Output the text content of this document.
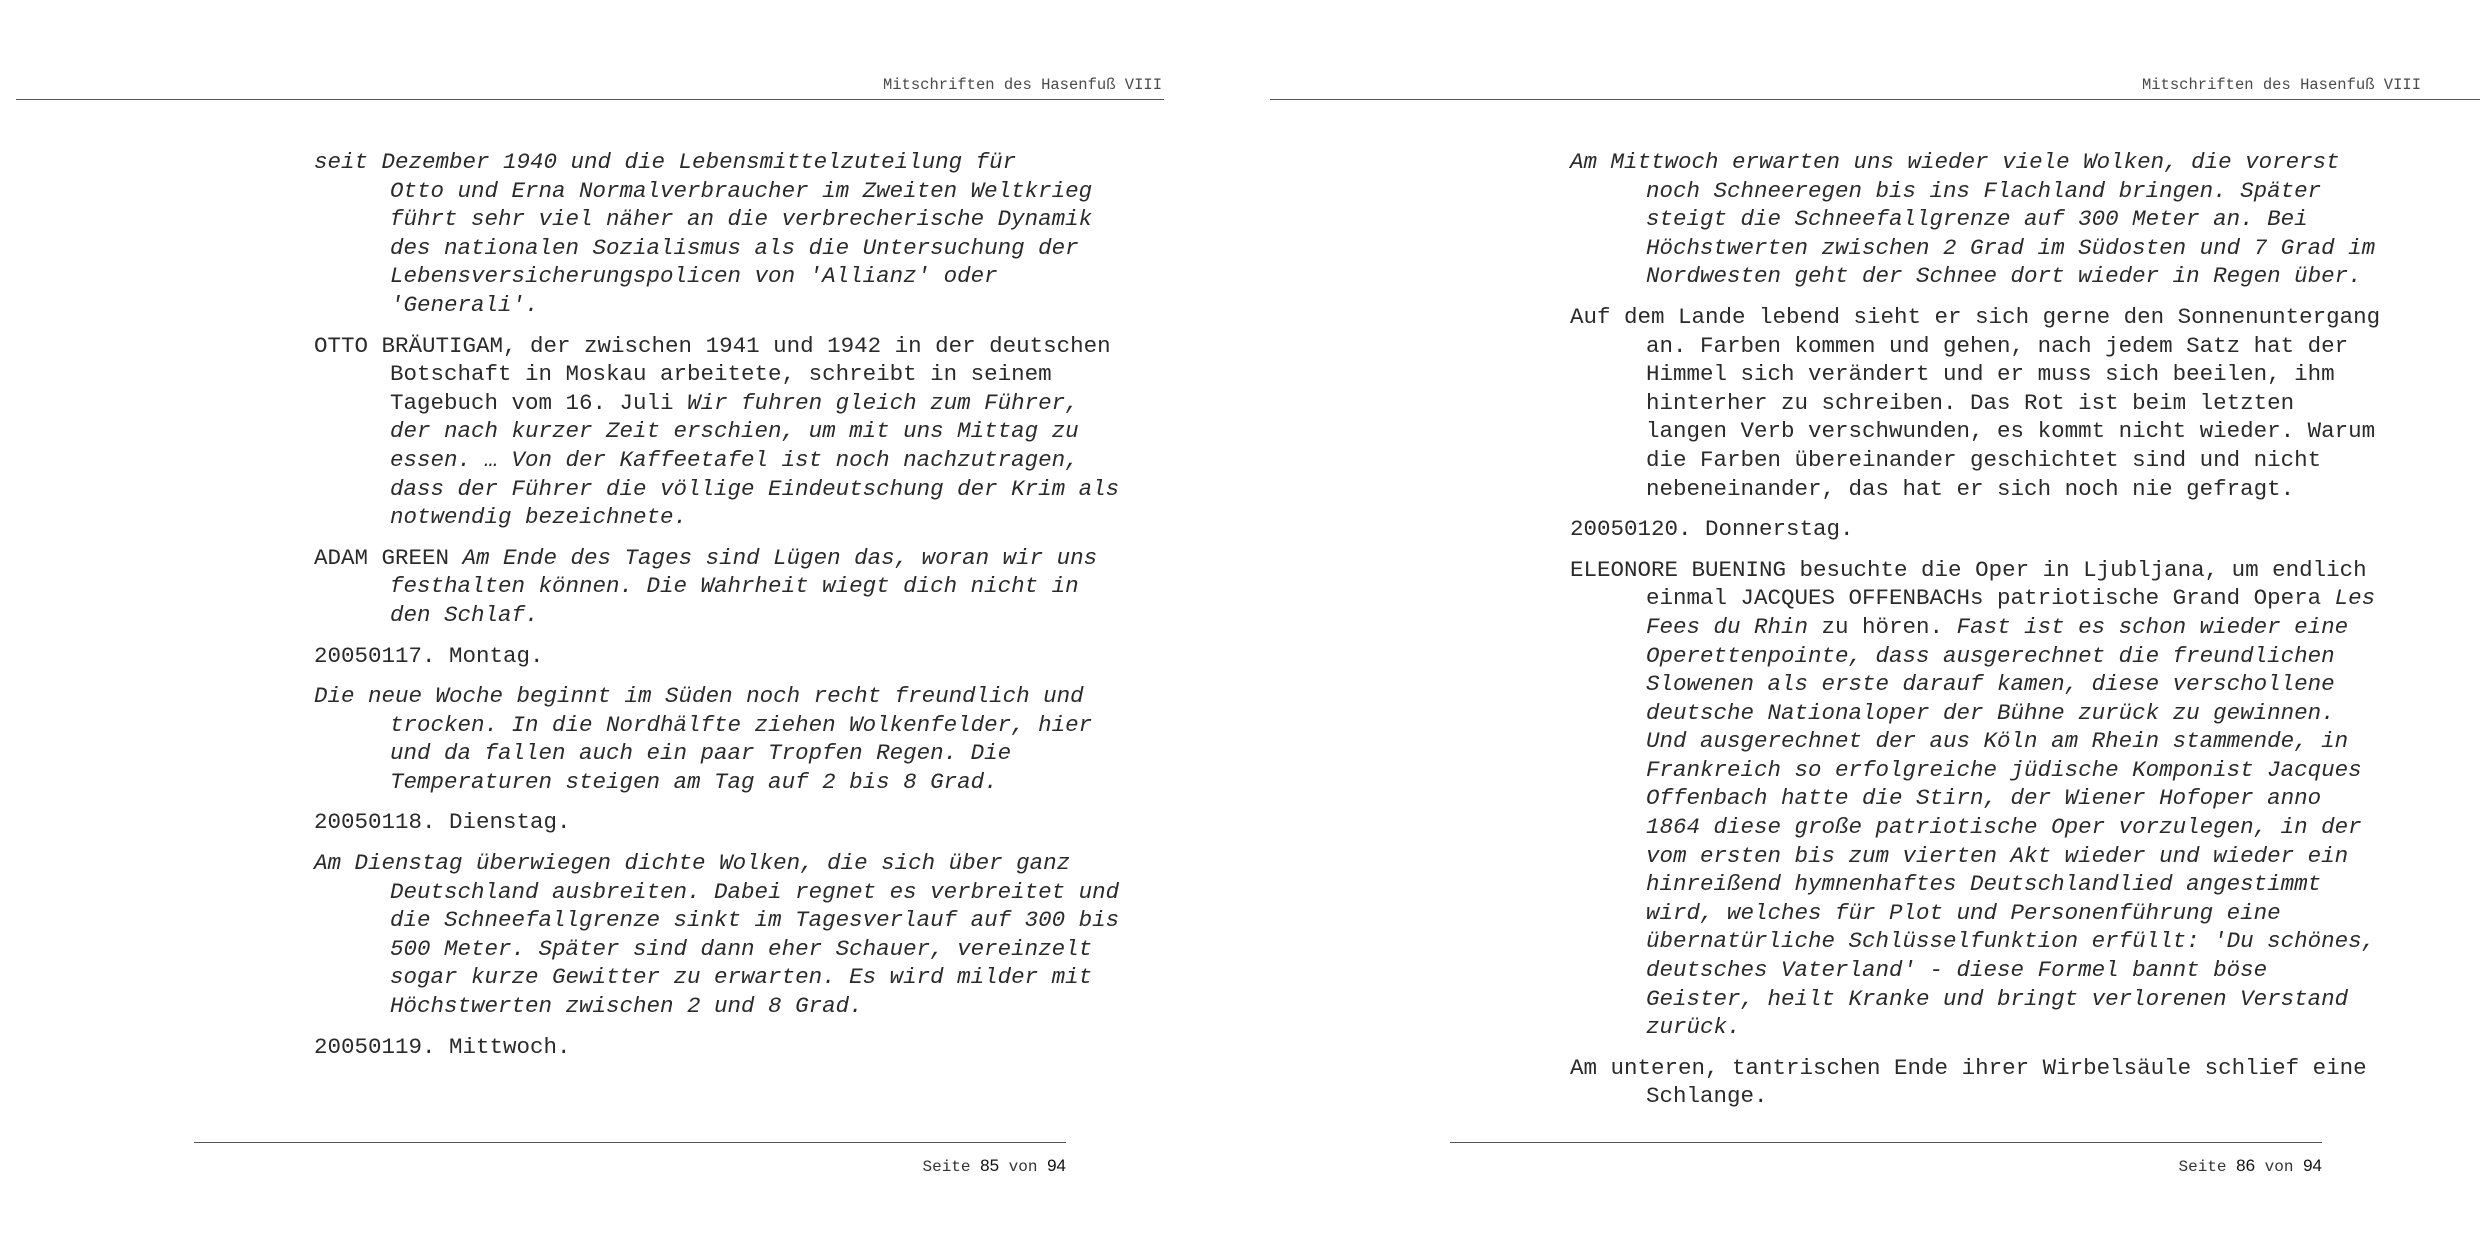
Mitschriften des Hasenfuß VIII

seit Dezember 1940 und die Lebensmittelzuteilung für
Otto und Erna Normalverbraucher im Zweiten Weltkrieg
führt sehr viel näher an die verbrecherische Dynamik
des nationalen Sozialismus als die Untersuchung der
Lebensversicherungspolicen von 'Allianz' oder
'Generali'.

OTTO BRÄUTIGAM, der zwischen 1941 und 1942 in der deutschen
Botschaft in Moskau arbeitete, schreibt in seinem
Tagebuch vom 16. Juli Wir fuhren gleich zum Führer,
der nach kurzer Zeit erschien, um mit uns Mittag zu
essen. … Von der Kaffeetafel ist noch nachzutragen,
dass der Führer die völlige Eindeutschung der Krim als
notwendig bezeichnete.

ADAM GREEN Am Ende des Tages sind Lügen das, woran wir uns
festhalten können. Die Wahrheit wiegt dich nicht in
den Schlaf.

20050117. Montag.

Die neue Woche beginnt im Süden noch recht freundlich und
trocken. In die Nordhälfte ziehen Wolkenfelder, hier
und da fallen auch ein paar Tropfen Regen. Die
Temperaturen steigen am Tag auf 2 bis 8 Grad.

20050118. Dienstag.

Am Dienstag überwiegen dichte Wolken, die sich über ganz
Deutschland ausbreiten. Dabei regnet es verbreitet und
die Schneefallgrenze sinkt im Tagesverlauf auf 300 bis
500 Meter. Später sind dann eher Schauer, vereinzelt
sogar kurze Gewitter zu erwarten. Es wird milder mit
Höchstwerten zwischen 2 und 8 Grad.

20050119. Mittwoch.

Seite 85 von 94
Mitschriften des Hasenfuß VIII

Am Mittwoch erwarten uns wieder viele Wolken, die vorerst
noch Schneeregen bis ins Flachland bringen. Später
steigt die Schneefallgrenze auf 300 Meter an. Bei
Höchstwerten zwischen 2 Grad im Südosten und 7 Grad im
Nordwesten geht der Schnee dort wieder in Regen über.

Auf dem Lande lebend sieht er sich gerne den Sonnenuntergang
an. Farben kommen und gehen, nach jedem Satz hat der
Himmel sich verändert und er muss sich beeilen, ihm
hinterher zu schreiben. Das Rot ist beim letzten
langen Verb verschwunden, es kommt nicht wieder. Warum
die Farben übereinander geschichtet sind und nicht
nebeneinander, das hat er sich noch nie gefragt.

20050120. Donnerstag.

ELEONORE BUENING besuchte die Oper in Ljubljana, um endlich
einmal JACQUES OFFENBACHs patriotische Grand Opera Les
Fees du Rhin zu hören. Fast ist es schon wieder eine
Operettenpointe, dass ausgerechnet die freundlichen
Slowenen als erste darauf kamen, diese verschollene
deutsche Nationaloper der Bühne zurück zu gewinnen.
Und ausgerechnet der aus Köln am Rhein stammende, in
Frankreich so erfolgreiche jüdische Komponist Jacques
Offenbach hatte die Stirn, der Wiener Hofoper anno
1864 diese große patriotische Oper vorzulegen, in der
vom ersten bis zum vierten Akt wieder und wieder ein
hinreißend hymnenhaftes Deutschlandlied angestimmt
wird, welches für Plot und Personenführung eine
übernatürliche Schlüsselfunktion erfüllt: 'Du schönes,
deutsches Vaterland' - diese Formel bannt böse
Geister, heilt Kranke und bringt verlorenen Verstand
zurück.

Am unteren, tantrischen Ende ihrer Wirbelsäule schlief eine
Schlange.

Seite 86 von 94
